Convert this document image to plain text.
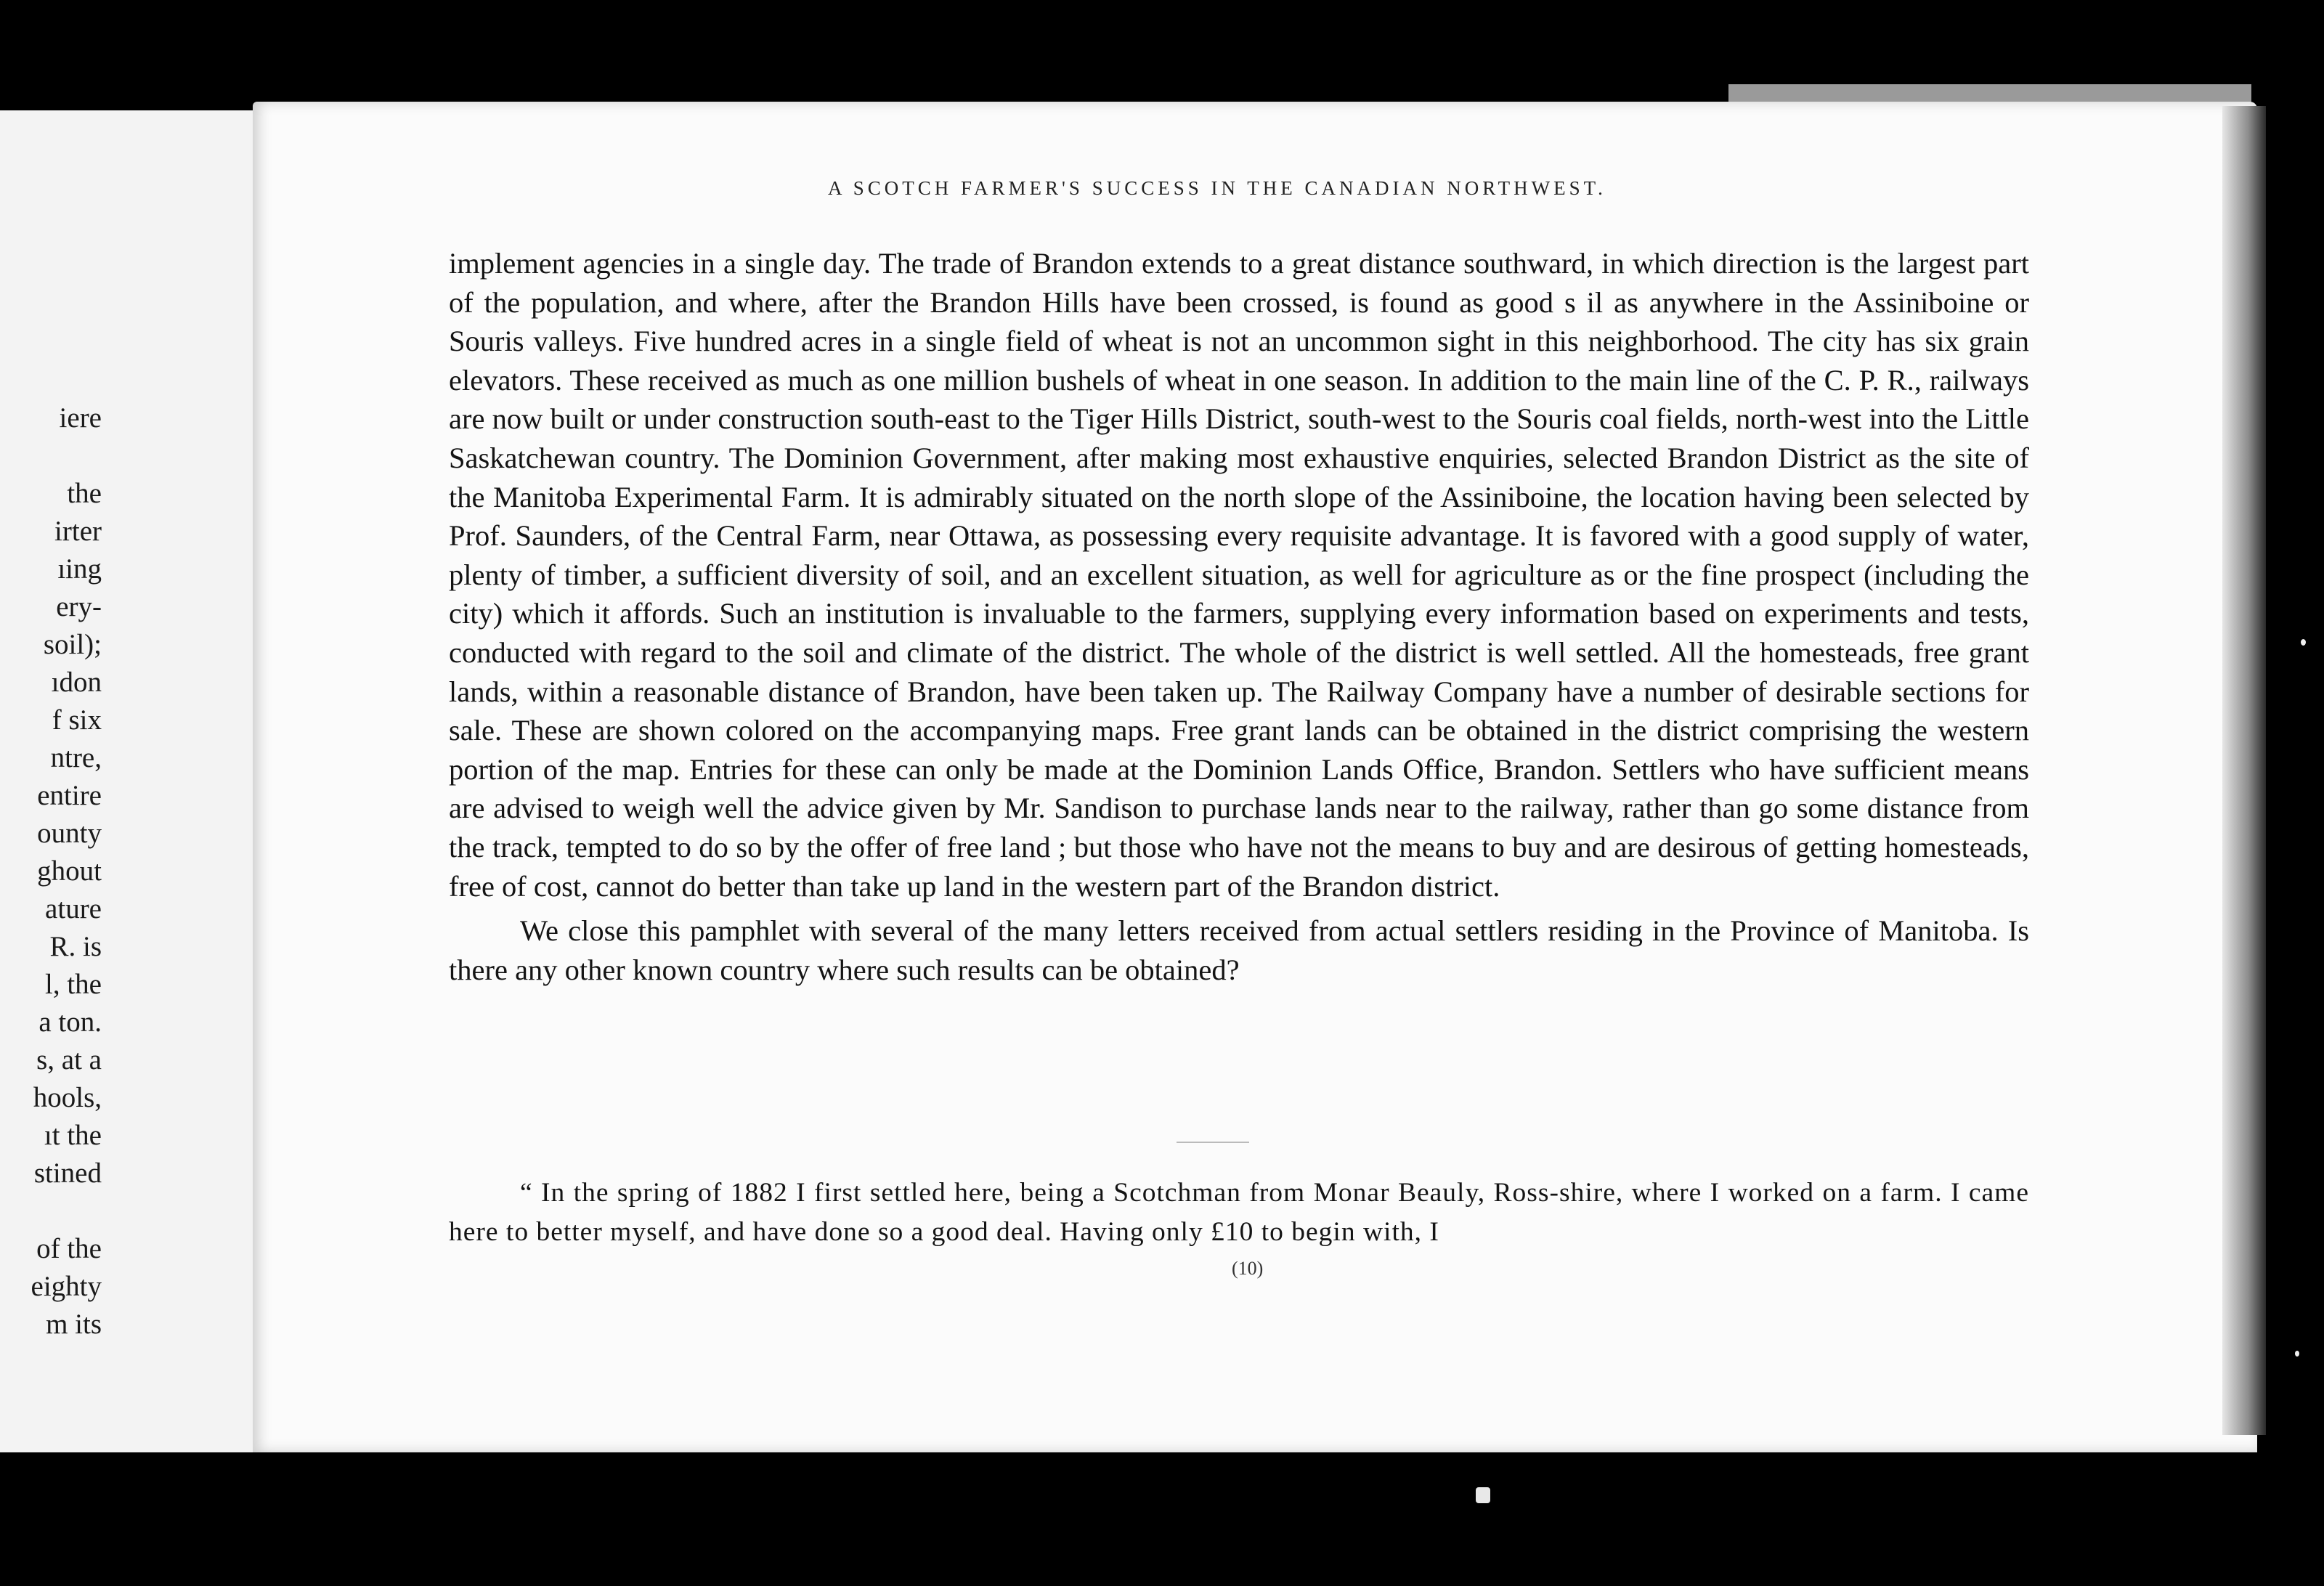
iere
the
irter
ıing
ery-
soil);
ıdon
f six
ntre,
entire
ounty
ghout
ature
R. is
l, the
a ton.
s, at a
hools,
ıt the
stined
of the
eighty
m its
A SCOTCH FARMER'S SUCCESS IN THE CANADIAN NORTHWEST.

implement agencies in a single day. The trade of Brandon extends to a great distance southward, in which direction is the largest part of the population, and where, after the Brandon Hills have been crossed, is found as good s il as anywhere in the Assiniboine or Souris valleys. Five hundred acres in a single field of wheat is not an uncommon sight in this neighborhood. The city has six grain elevators. These received as much as one million bushels of wheat in one season. In addition to the main line of the C. P. R., railways are now built or under construction south-east to the Tiger Hills District, south-west to the Souris coal fields, north-west into the Little Saskatchewan country. The Dominion Government, after making most exhaustive enquiries, selected Brandon District as the site of the Manitoba Experimental Farm. It is admirably situated on the north slope of the Assiniboine, the location having been selected by Prof. Saunders, of the Central Farm, near Ottawa, as possessing every requisite advantage. It is favored with a good supply of water, plenty of timber, a sufficient diversity of soil, and an excellent situation, as well for agriculture as or the fine prospect (including the city) which it affords. Such an institution is invaluable to the farmers, supplying every information based on experiments and tests, conducted with regard to the soil and climate of the district. The whole of the district is well settled. All the homesteads, free grant lands, within a reasonable distance of Brandon, have been taken up. The Railway Company have a number of desirable sections for sale. These are shown colored on the accompanying maps. Free grant lands can be obtained in the district comprising the western portion of the map. Entries for these can only be made at the Dominion Lands Office, Brandon. Settlers who have sufficient means are advised to weigh well the advice given by Mr. Sandison to purchase lands near to the railway, rather than go some distance from the track, tempted to do so by the offer of free land ; but those who have not the means to buy and are desirous of getting homesteads, free of cost, cannot do better than take up land in the western part of the Brandon district.

We close this pamphlet with several of the many letters received from actual settlers residing in the Province of Manitoba. Is there any other known country where such results can be obtained?

“ In the spring of 1882 I first settled here, being a Scotchman from Monar Beauly, Ross-shire, where I worked on a farm. I came here to better myself, and have done so a good deal. Having only £10 to begin with, I

(10)
